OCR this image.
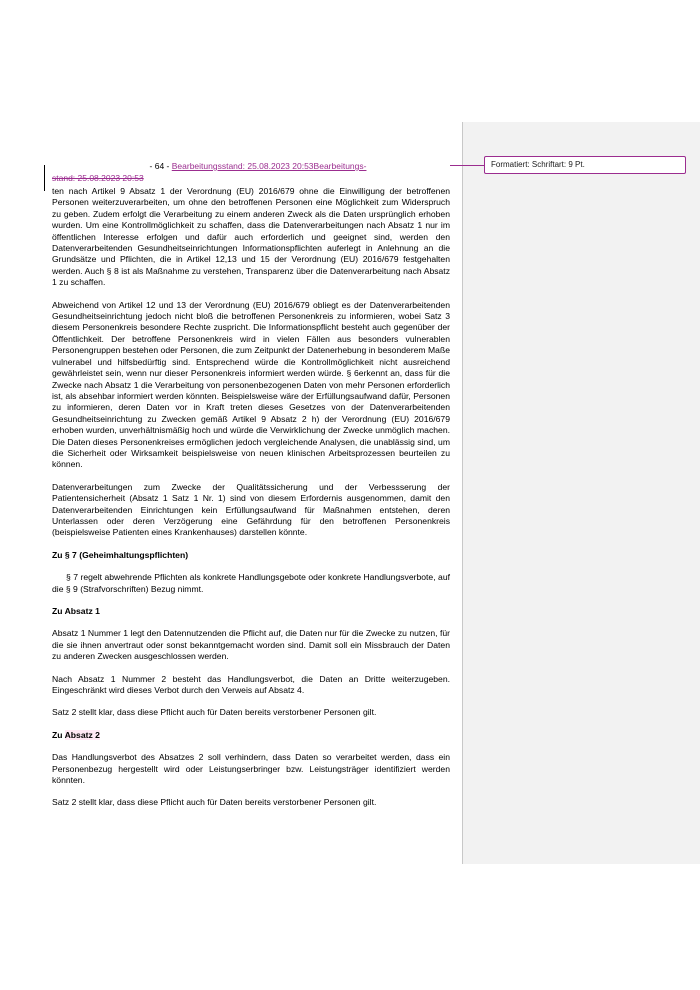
Formatiert: Schriftart: 9 Pt.
- 64 - Bearbeitungsstand: 25.08.2023 20:53Bearbeitungs-
stand: 25.08.2023 20:53

ten nach Artikel 9 Absatz 1 der Verordnung (EU) 2016/679 ohne die Einwilligung der betroffenen Personen weiterzuverarbeiten, um ohne den betroffenen Personen eine Möglichkeit zum Widerspruch zu geben. Zudem erfolgt die Verarbeitung zu einem anderen Zweck als die Daten ursprünglich erhoben wurden. Um eine Kontrollmöglichkeit zu schaffen, dass die Datenverarbeitungen nach Absatz 1 nur im öffentlichen Interesse erfolgen und dafür auch erforderlich und geeignet sind, werden den Datenverarbeitenden Gesundheitseinrichtungen Informationspflichten auferlegt in Anlehnung an die Grundsätze und Pflichten, die in Artikel 12,13 und 15 der Verordnung (EU) 2016/679 festgehalten werden. Auch § 8 ist als Maßnahme zu verstehen, Transparenz über die Datenverarbeitung nach Absatz 1 zu schaffen.

Abweichend von Artikel 12 und 13 der Verordnung (EU) 2016/679 obliegt es der Datenverarbeitenden Gesundheitseinrichtung jedoch nicht bloß die betroffenen Personenkreis zu informieren, wobei Satz 3 diesem Personenkreis besondere Rechte zuspricht. Die Informationspflicht besteht auch gegenüber der Öffentlichkeit. Der betroffene Personenkreis wird in vielen Fällen aus besonders vulnerablen Personengruppen bestehen oder Personen, die zum Zeitpunkt der Datenerhebung in besonderem Maße vulnerabel und hilfsbedürftig sind. Entsprechend würde die Kontrollmöglichkeit nicht ausreichend gewährleistet sein, wenn nur dieser Personenkreis informiert werden würde. § 6erkennt an, dass für die Zwecke nach Absatz 1 die Verarbeitung von personenbezogenen Daten von mehr Personen erforderlich ist, als absehbar informiert werden könnten. Beispielsweise wäre der Erfüllungsaufwand dafür, Personen zu informieren, deren Daten vor in Kraft treten dieses Gesetzes von der Datenverarbeitenden Gesundheitseinrichtung zu Zwecken gemäß Artikel 9 Absatz 2 h) der Verordnung (EU) 2016/679 erhoben wurden, unverhältnismäßig hoch und würde die Verwirklichung der Zwecke unmöglich machen. Die Daten dieses Personenkreises ermöglichen jedoch vergleichende Analysen, die unablässig sind, um die Sicherheit oder Wirksamkeit beispielsweise von neuen klinischen Arbeitsprozessen beurteilen zu können.

Datenverarbeitungen zum Zwecke der Qualitätssicherung und der Verbessserung der Patientensicherheit (Absatz 1 Satz 1 Nr. 1) sind von diesem Erfordernis ausgenommen, damit den Datenverarbeitenden Einrichtungen kein Erfüllungsaufwand für Maßnahmen entstehen, deren Unterlassen oder deren Verzögerung eine Gefährdung für den betroffenen Personenkreis (beispielsweise Patienten eines Krankenhauses) darstellen könnte.

Zu § 7 (Geheimhaltungspflichten)

§ 7 regelt abwehrende Pflichten als konkrete Handlungsgebote oder konkrete Handlungsverbote, auf die § 9 (Strafvorschriften) Bezug nimmt.

Zu Absatz 1

Absatz 1 Nummer 1 legt den Datennutzenden die Pflicht auf, die Daten nur für die Zwecke zu nutzen, für die sie ihnen anvertraut oder sonst bekanntgemacht worden sind. Damit soll ein Missbrauch der Daten zu anderen Zwecken ausgeschlossen werden.

Nach Absatz 1 Nummer 2 besteht das Handlungsverbot, die Daten an Dritte weiterzugeben. Eingeschränkt wird dieses Verbot durch den Verweis auf Absatz 4.

Satz 2 stellt klar, dass diese Pflicht auch für Daten bereits verstorbener Personen gilt.

Zu Absatz 2

Das Handlungsverbot des Absatzes 2 soll verhindern, dass Daten so verarbeitet werden, dass ein Personenbezug hergestellt wird oder Leistungserbringer bzw. Leistungsträger identifiziert werden könnten.

Satz 2 stellt klar, dass diese Pflicht auch für Daten bereits verstorbener Personen gilt.
